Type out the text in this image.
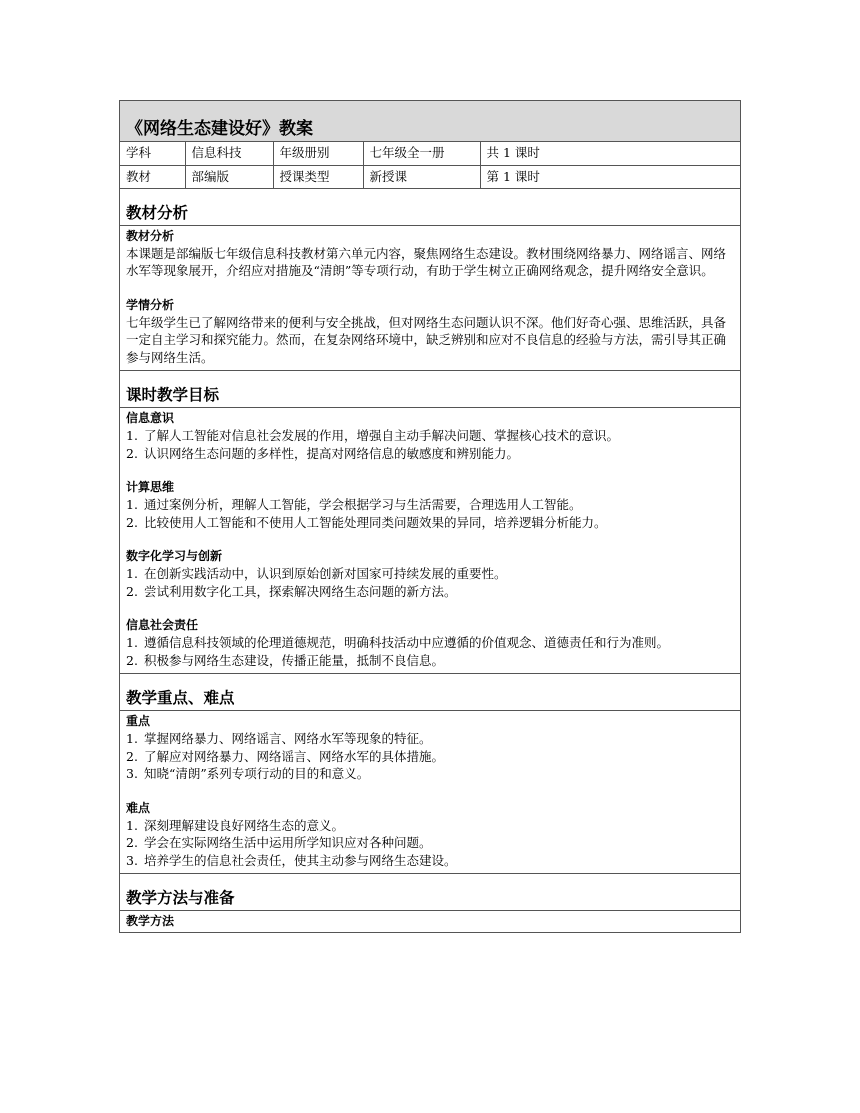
《网络生态建设好》教案
学科	信息科技	年级册别	七年级全一册	共 1 课时
教材	部编版	授课类型	新授课	第 1 课时
教材分析
教材分析

本课题是部编版七年级信息科技教材第六单元内容，聚焦网络生态建设。教材围绕网络暴力、网络谣言、网络水军等现象展开，介绍应对措施及“清朗”等专项行动，有助于学生树立正确网络观念，提升网络安全意识。

学情分析

七年级学生已了解网络带来的便利与安全挑战，但对网络生态问题认识不深。他们好奇心强、思维活跃，具备一定自主学习和探究能力。然而，在复杂网络环境中，缺乏辨别和应对不良信息的经验与方法，需引导其正确参与网络生活。

课时教学目标
信息意识
1. 了解人工智能对信息社会发展的作用，增强自主动手解决问题、掌握核心技术的意识。
2. 认识网络生态问题的多样性，提高对网络信息的敏感度和辨别能力。
计算思维
1. 通过案例分析，理解人工智能，学会根据学习与生活需要，合理选用人工智能。
2. 比较使用人工智能和不使用人工智能处理同类问题效果的异同，培养逻辑分析能力。
数字化学习与创新
1. 在创新实践活动中，认识到原始创新对国家可持续发展的重要性。
2. 尝试利用数字化工具，探索解决网络生态问题的新方法。
信息社会责任
1. 遵循信息科技领域的伦理道德规范，明确科技活动中应遵循的价值观念、道德责任和行为准则。
2. 积极参与网络生态建设，传播正能量，抵制不良信息。
教学重点、难点
重点
1. 掌握网络暴力、网络谣言、网络水军等现象的特征。
2. 了解应对网络暴力、网络谣言、网络水军的具体措施。
3. 知晓“清朗”系列专项行动的目的和意义。
难点
1. 深刻理解建设良好网络生态的意义。
2. 学会在实际网络生活中运用所学知识应对各种问题。
3. 培养学生的信息社会责任，使其主动参与网络生态建设。
教学方法与准备
教学方法
